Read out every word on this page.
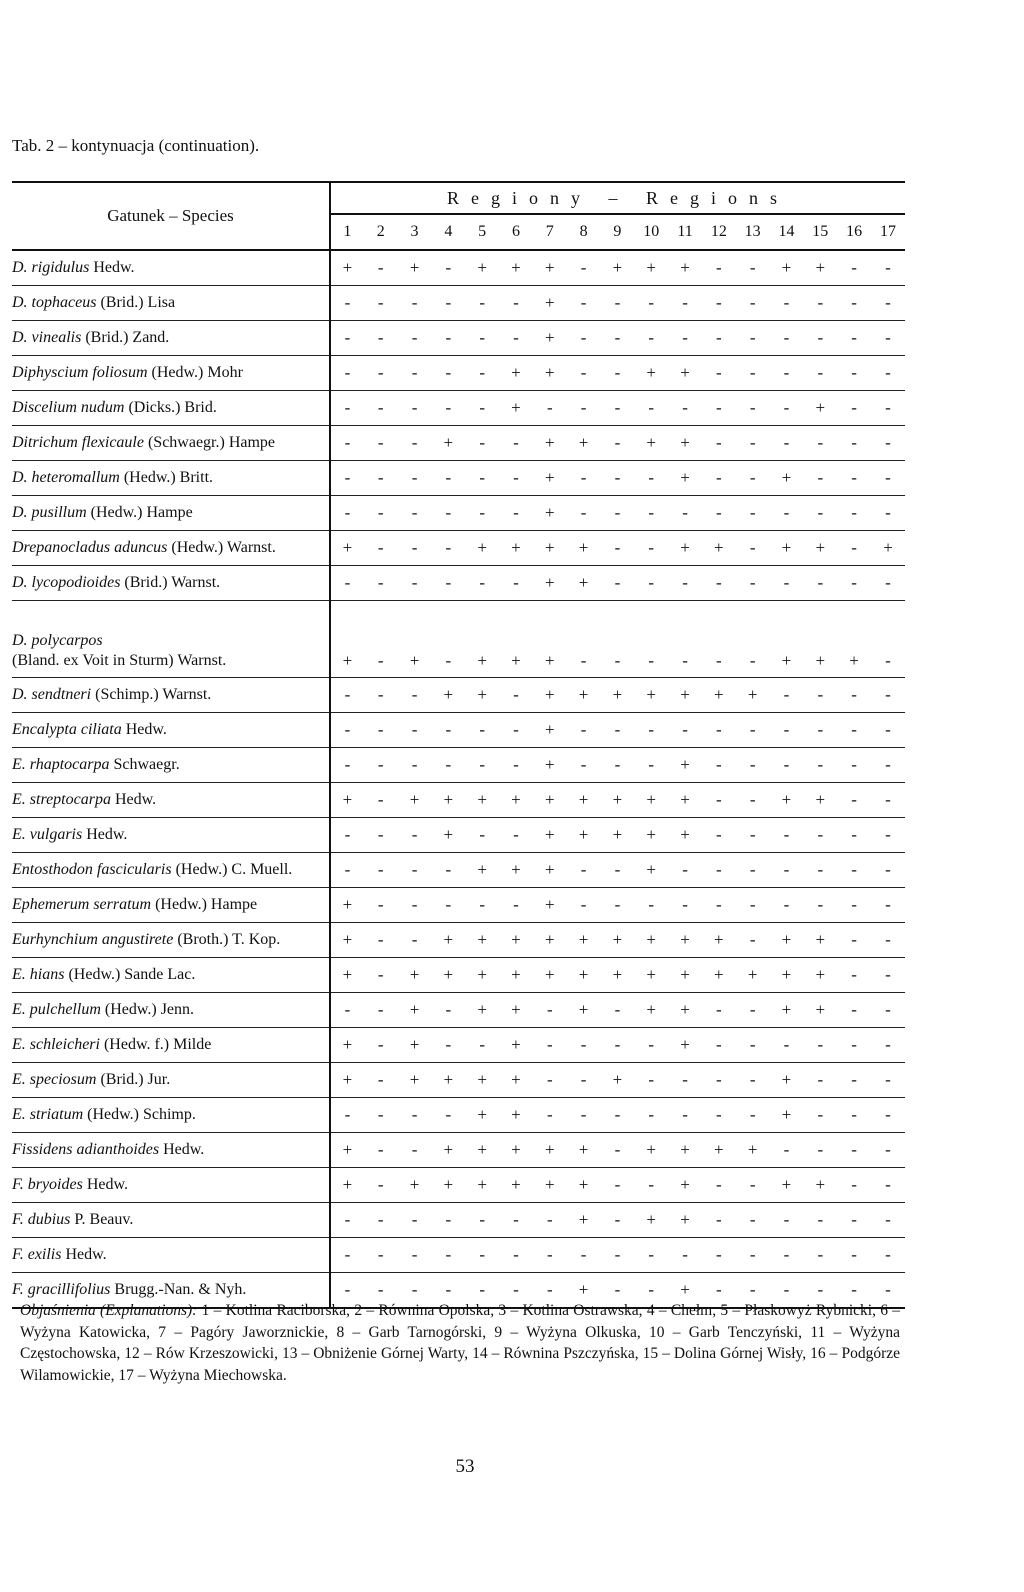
Tab. 2 – kontynuacja (continuation).
Gatunek – Species	Regiony – Regions																
	1	2	3	4	5	6	7	8	9	10	11	12	13	14	15	16	17
D. rigidulus Hedw.	+	-	+	-	+	+	+	-	+	+	+	-	-	+	+	-	-
D. tophaceus (Brid.) Lisa	-	-	-	-	-	-	+	-	-	-	-	-	-	-	-	-	-
D. vinealis (Brid.) Zand.	-	-	-	-	-	-	+	-	-	-	-	-	-	-	-	-	-
Diphyscium foliosum (Hedw.) Mohr	-	-	-	-	-	+	+	-	-	+	+	-	-	-	-	-	-
Discelium nudum (Dicks.) Brid.	-	-	-	-	-	+	-	-	-	-	-	-	-	-	+	-	-
Ditrichum flexicaule (Schwaegr.) Hampe	-	-	-	+	-	-	+	+	-	+	+	-	-	-	-	-	-
D. heteromallum (Hedw.) Britt.	-	-	-	-	-	-	+	-	-	-	+	-	-	+	-	-	-
D. pusillum (Hedw.) Hampe	-	-	-	-	-	-	+	-	-	-	-	-	-	-	-	-	-
Drepanocladus aduncus (Hedw.) Warnst.	+	-	-	-	+	+	+	+	-	-	+	+	-	+	+	-	+
D. lycopodioides (Brid.) Warnst.	-	-	-	-	-	-	+	+	-	-	-	-	-	-	-	-	-
D. polycarpos
(Bland. ex Voit in Sturm) Warnst.	+	-	+	-	+	+	+	-	-	-	-	-	-	+	+	+	-
D. sendtneri (Schimp.) Warnst.	-	-	-	+	+	-	+	+	+	+	+	+	+	-	-	-	-
Encalypta ciliata Hedw.	-	-	-	-	-	-	+	-	-	-	-	-	-	-	-	-	-
E. rhaptocarpa Schwaegr.	-	-	-	-	-	-	+	-	-	-	+	-	-	-	-	-	-
E. streptocarpa Hedw.	+	-	+	+	+	+	+	+	+	+	+	-	-	+	+	-	-
E. vulgaris Hedw.	-	-	-	+	-	-	+	+	+	+	+	-	-	-	-	-	-
Entosthodon fascicularis (Hedw.) C. Muell.	-	-	-	-	+	+	+	-	-	+	-	-	-	-	-	-	-
Ephemerum serratum (Hedw.) Hampe	+	-	-	-	-	-	+	-	-	-	-	-	-	-	-	-	-
Eurhynchium angustirete (Broth.) T. Kop.	+	-	-	+	+	+	+	+	+	+	+	+	-	+	+	-	-
E. hians (Hedw.) Sande Lac.	+	-	+	+	+	+	+	+	+	+	+	+	+	+	+	-	-
E. pulchellum (Hedw.) Jenn.	-	-	+	-	+	+	-	+	-	+	+	-	-	+	+	-	-
E. schleicheri (Hedw. f.) Milde	+	-	+	-	-	+	-	-	-	-	+	-	-	-	-	-	-
E. speciosum (Brid.) Jur.	+	-	+	+	+	+	-	-	+	-	-	-	-	+	-	-	-
E. striatum (Hedw.) Schimp.	-	-	-	-	+	+	-	-	-	-	-	-	-	+	-	-	-
Fissidens adianthoides Hedw.	+	-	-	+	+	+	+	+	-	+	+	+	+	-	-	-	-
F. bryoides Hedw.	+	-	+	+	+	+	+	+	-	-	+	-	-	+	+	-	-
F. dubius P. Beauv.	-	-	-	-	-	-	-	+	-	+	+	-	-	-	-	-	-
F. exilis Hedw.	-	-	-	-	-	-	-	-	-	-	-	-	-	-	-	-	-
F. gracillifolius Brugg.-Nan. & Nyh.	-	-	-	-	-	-	-	+	-	-	+	-	-	-	-	-	-
Objaśnienia (Explanations): 1 – Kotlina Raciborska, 2 – Równina Opolska, 3 – Kotlina Ostrawska, 4 – Chełm, 5 – Płaskowyż Rybnicki, 6 – Wyżyna Katowicka, 7 – Pagóry Jaworznickie, 8 – Garb Tarnogórski, 9 – Wyżyna Olkuska, 10 – Garb Tenczyński, 11 – Wyżyna Częstochowska, 12 – Rów Krzeszowicki, 13 – Obniżenie Górnej Warty, 14 – Równina Pszczyńska, 15 – Dolina Górnej Wisły, 16 – Podgórze Wilamowickie, 17 – Wyżyna Miechowska.
53
